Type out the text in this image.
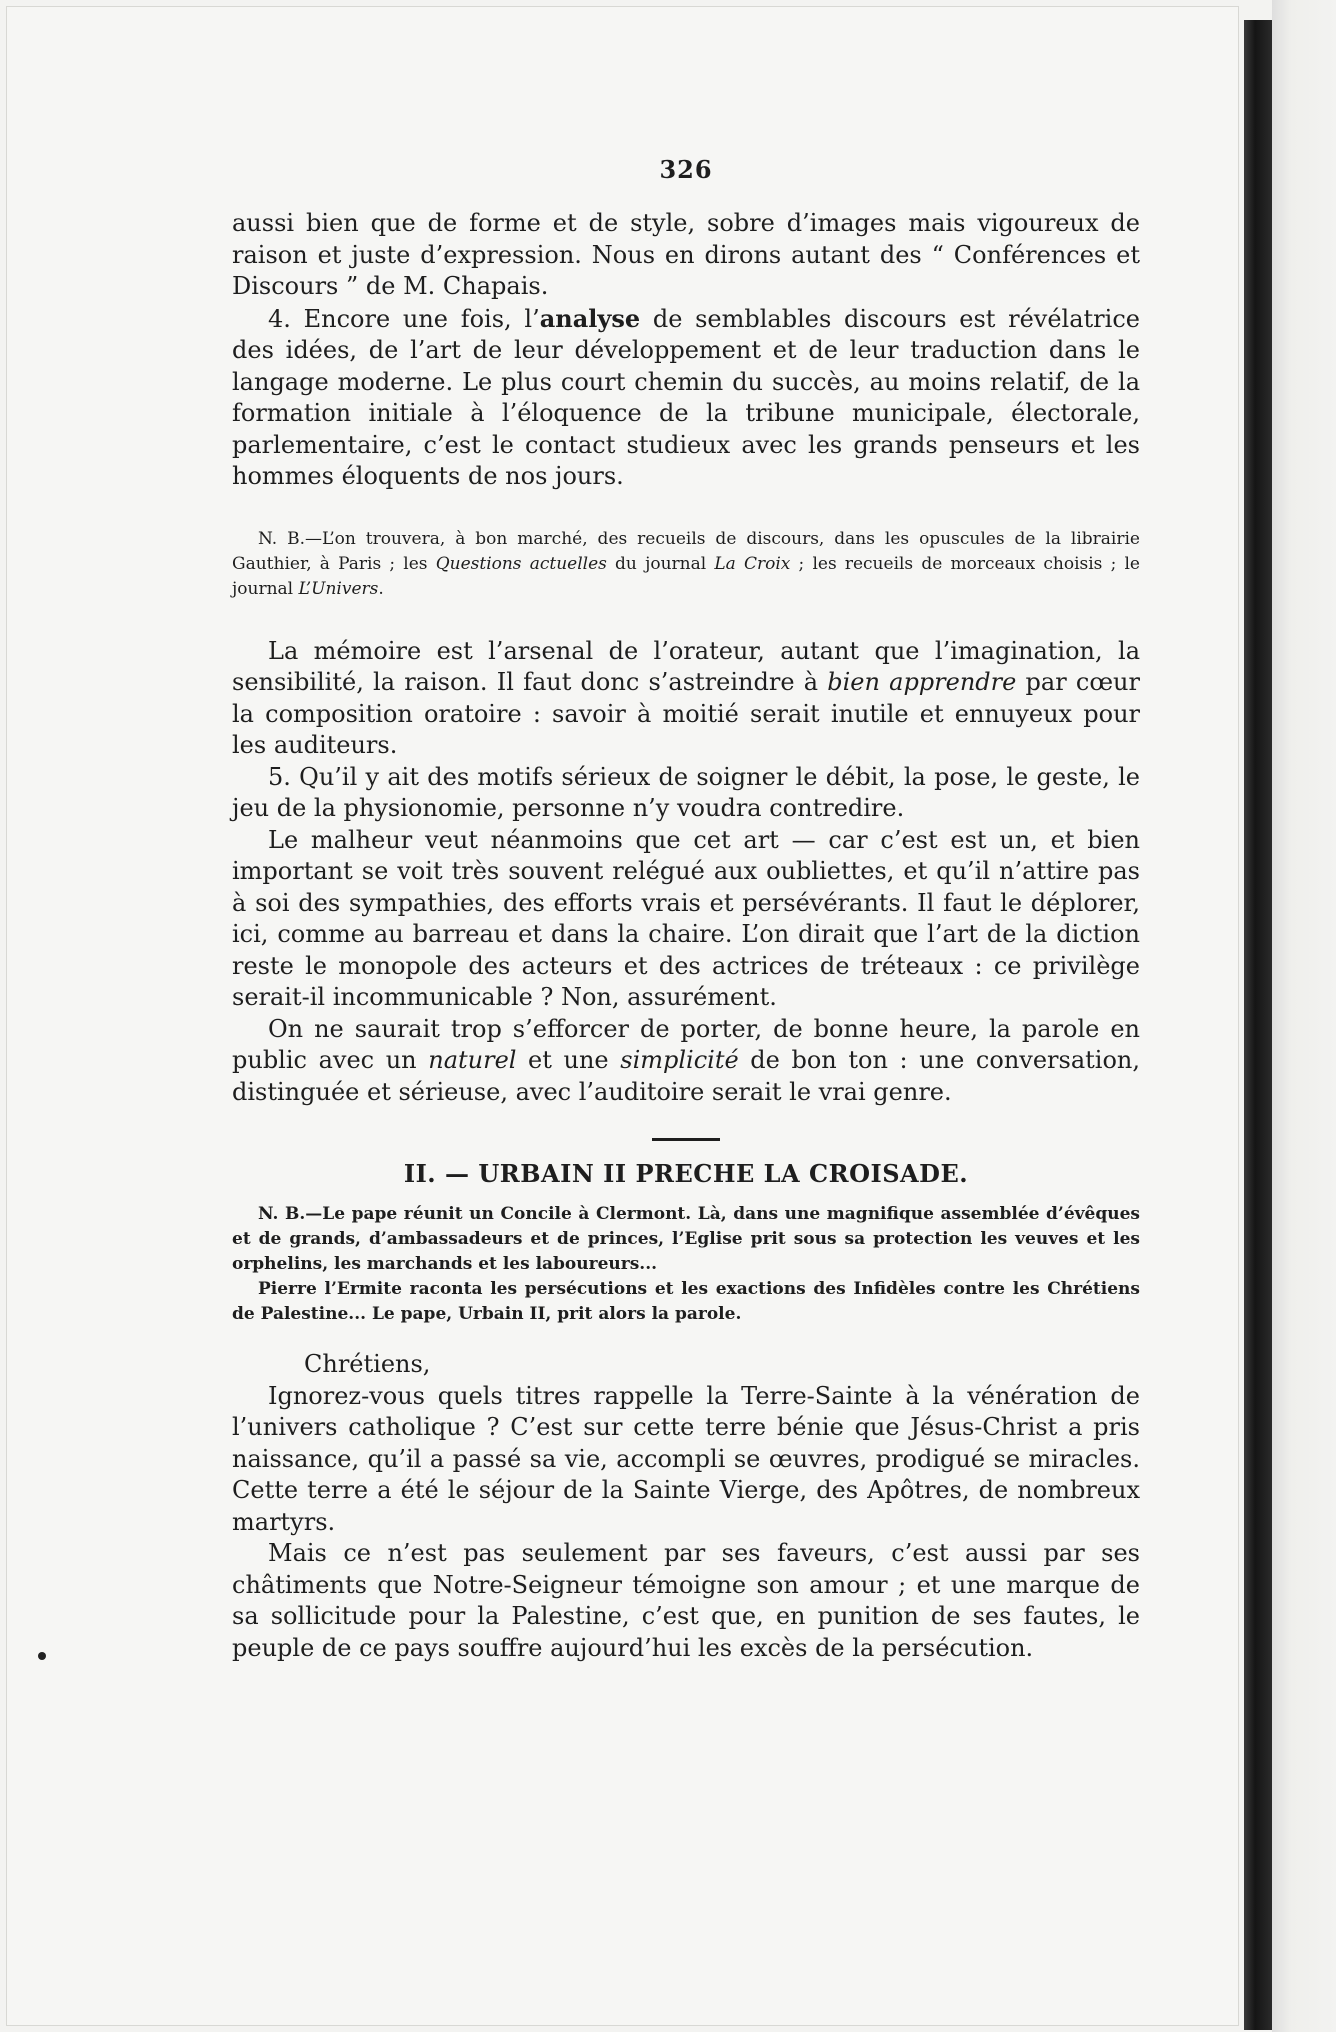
326

aussi bien que de forme et de style, sobre d’images mais vigoureux de raison et juste d’expression. Nous en dirons autant des “ Conférences et Discours ” de M. Chapais.

4. Encore une fois, l’analyse de semblables discours est révélatrice des idées, de l’art de leur développement et de leur traduction dans le langage moderne. Le plus court chemin du succès, au moins relatif, de la formation initiale à l’éloquence de la tribune municipale, électorale, parlementaire, c’est le contact studieux avec les grands penseurs et les hommes éloquents de nos jours.

N. B.—L’on trouvera, à bon marché, des recueils de discours, dans les opuscules de la librairie Gauthier, à Paris ; les Questions actuelles du journal La Croix ; les recueils de morceaux choisis ; le journal L’Univers.

La mémoire est l’arsenal de l’orateur, autant que l’imagination, la sensibilité, la raison. Il faut donc s’astreindre à bien apprendre par cœur la composition oratoire : savoir à moitié serait inutile et ennuyeux pour les auditeurs.

5. Qu’il y ait des motifs sérieux de soigner le débit, la pose, le geste, le jeu de la physionomie, personne n’y voudra contredire.

Le malheur veut néanmoins que cet art — car c’est est un, et bien important se voit très souvent relégué aux oubliettes, et qu’il n’attire pas à soi des sympathies, des efforts vrais et persévérants. Il faut le déplorer, ici, comme au barreau et dans la chaire. L’on dirait que l’art de la diction reste le monopole des acteurs et des actrices de tréteaux : ce privilège serait-il incommunicable ? Non, assurément.

On ne saurait trop s’efforcer de porter, de bonne heure, la parole en public avec un naturel et une simplicité de bon ton : une conversation, distinguée et sérieuse, avec l’auditoire serait le vrai genre.

II. — URBAIN II PRECHE LA CROISADE.

N. B.—Le pape réunit un Concile à Clermont. Là, dans une magnifique assemblée d’évêques et de grands, d’ambassadeurs et de princes, l’Eglise prit sous sa protection les veuves et les orphelins, les marchands et les laboureurs...

Pierre l’Ermite raconta les persécutions et les exactions des Infidèles contre les Chrétiens de Palestine... Le pape, Urbain II, prit alors la parole.

Chrétiens,

Ignorez-vous quels titres rappelle la Terre-Sainte à la vénération de l’univers catholique ? C’est sur cette terre bénie que Jésus-Christ a pris naissance, qu’il a passé sa vie, accompli se œuvres, prodigué se miracles. Cette terre a été le séjour de la Sainte Vierge, des Apôtres, de nombreux martyrs.

Mais ce n’est pas seulement par ses faveurs, c’est aussi par ses châtiments que Notre-Seigneur témoigne son amour ; et une marque de sa sollicitude pour la Palestine, c’est que, en punition de ses fautes, le peuple de ce pays souffre aujourd’hui les excès de la persécution.
